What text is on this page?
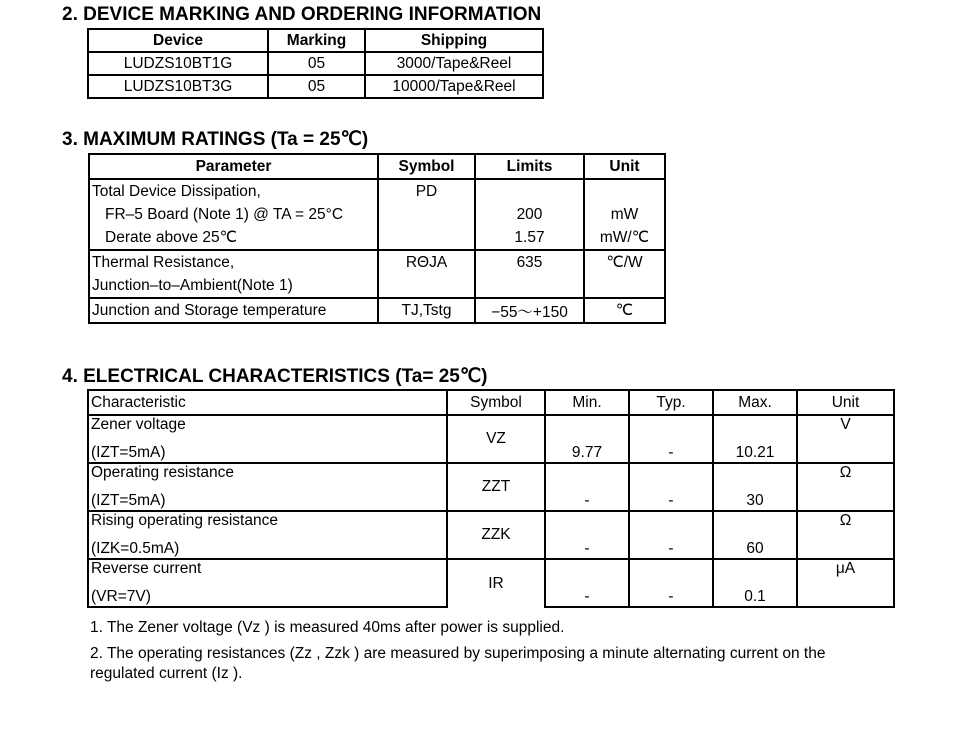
2. DEVICE MARKING AND ORDERING INFORMATION
Device	Marking	Shipping
LUDZS10BT1G	05	3000/Tape&Reel
LUDZS10BT3G	05	10000/Tape&Reel
3. MAXIMUM RATINGS (Ta = 25℃)
Parameter	Symbol	Limits	Unit
Total Device Dissipation,	PD		
FR–5 Board (Note 1) @ TA = 25°C		200	mW
Derate above 25℃		1.57	mW/℃
Thermal Resistance,	RΘJA	635	℃/W
Junction–to–Ambient(Note 1)			
Junction and Storage temperature	TJ,Tstg	−55～+150	℃
4. ELECTRICAL CHARACTERISTICS (Ta= 25℃)
Characteristic	Symbol	Min.	Typ.	Max.	Unit
Zener voltage	VZ				V
(IZT=5mA)		9.77	-	10.21	
Operating resistance	ZZT				Ω
(IZT=5mA)		-	-	30	
Rising operating resistance	ZZK				Ω
(IZK=0.5mA)		-	-	60	
Reverse current	IR				μA
(VR=7V)		-	-	0.1	

1. The Zener voltage (Vz ) is measured 40ms after power is supplied.

2. The operating resistances (Zz , Zzk ) are measured by superimposing a minute alternating current on the

regulated current (Iz ).
